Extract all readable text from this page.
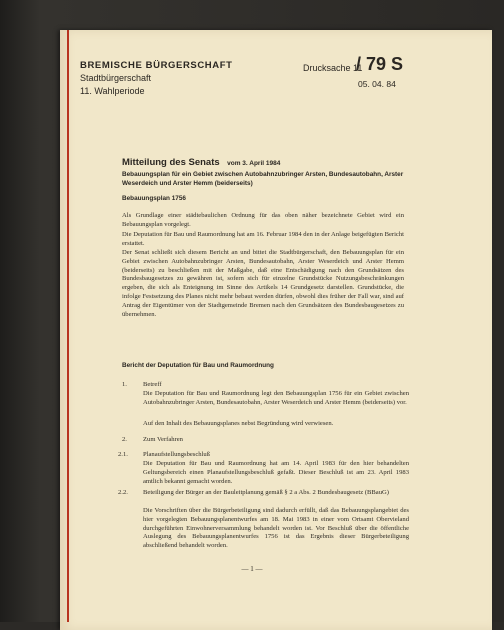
BREMISCHE BÜRGERSCHAFT
Stadtbürgerschaft
11. Wahlperiode
Drucksache 11
/ 79 S
05. 04. 84
Mitteilung des Senats vom 3. April 1984
Bebauungsplan für ein Gebiet zwischen Autobahnzubringer Arsten, Bundesautobahn, Arster Weserdeich und Arster Hemm (beiderseits)
Bebauungsplan 1756
Als Grundlage einer städtebaulichen Ordnung für das oben näher bezeichnete Gebiet wird ein Bebauungsplan vorgelegt.
Die Deputation für Bau und Raumordnung hat am 16. Februar 1984 den in der Anlage beigefügten Bericht erstattet.
Der Senat schließt sich diesem Bericht an und bittet die Stadtbürgerschaft, den Bebauungsplan für ein Gebiet zwischen Autobahnzubringer Arsten, Bundesautobahn, Arster Weserdeich und Arster Hemm (beiderseits) zu beschließen mit der Maßgabe, daß eine Entschädigung nach den Grundsätzen des Bundesbaugesetzes zu gewähren ist, sofern sich für einzelne Grundstücke Nutzungsbeschränkungen ergeben, die sich als Enteignung im Sinne des Artikels 14 Grundgesetz darstellen. Grundstücke, die infolge Festsetzung des Planes nicht mehr bebaut werden dürfen, obwohl dies früher der Fall war, sind auf Antrag der Eigentümer von der Stadtgemeinde Bremen nach den Grundsätzen des Bundesbaugesetzes zu übernehmen.
Bericht der Deputation für Bau und Raumordnung
1. Betreff
Die Deputation für Bau und Raumordnung legt den Bebauungsplan 1756 für ein Gebiet zwischen Autobahnzubringer Arsten, Bundesautobahn, Arster Weserdeich und Arster Hemm (beiderseits) vor.
Auf den Inhalt des Bebauungsplanes nebst Begründung wird verwiesen.
2. Zum Verfahren
2.1. Planaufstellungsbeschluß
Die Deputation für Bau und Raumordnung hat am 14. April 1983 für den hier behandelten Geltungsbereich einen Planaufstellungsbeschluß gefaßt. Dieser Beschluß ist am 23. April 1983 amtlich bekannt gemacht worden.
2.2. Beteiligung der Bürger an der Bauleitplanung gemäß § 2 a Abs. 2 Bundesbaugesetz (BBauG)
Die Vorschriften über die Bürgerbeteiligung sind dadurch erfüllt, daß das Bebauungsplangebiet des hier vorgelegten Bebauungsplanentwurfes am 18. Mai 1983 in einer vom Ortsamt Obervieland durchgeführten Einwohnerversammlung behandelt worden ist. Vor Beschluß über die öffentliche Auslegung des Bebauungsplanentwurfes 1756 ist das Ergebnis dieser Bürgerbeteiligung abschließend behandelt worden.
— 1 —
